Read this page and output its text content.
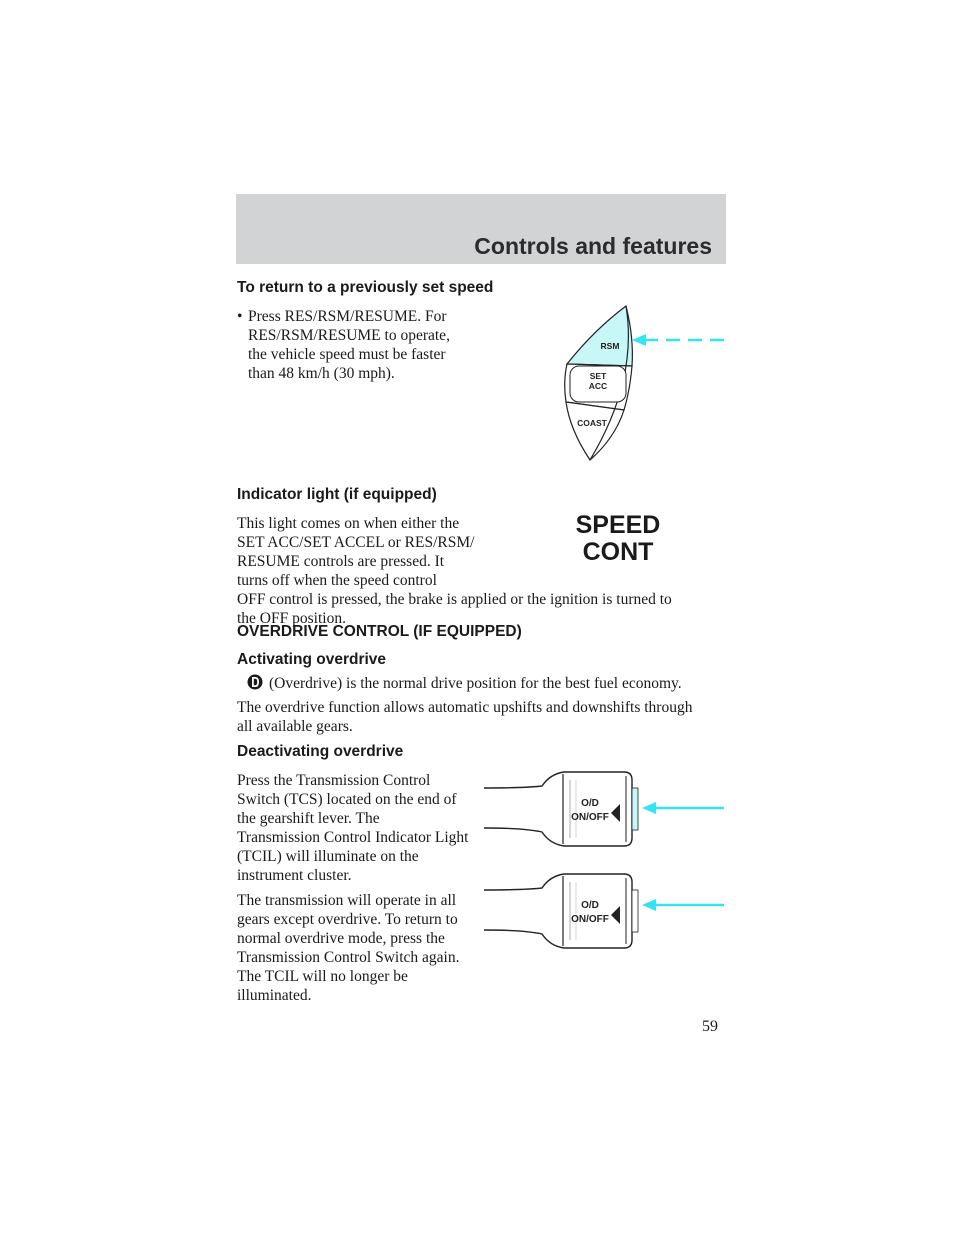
Controls and features
To return to a previously set speed
• Press RES/RSM/RESUME. For
RES/RSM/RESUME to operate,
the vehicle speed must be faster
than 48 km/h (30 mph).
RSM
SET
ACC
COAST
Indicator light (if equipped)
This light comes on when either the
SET ACC/SET ACCEL or RES/RSM/
RESUME controls are pressed. It
turns off when the speed control
OFF control is pressed, the brake is applied or the ignition is turned to
the OFF position.
SPEED
CONT
OVERDRIVE CONTROL (IF EQUIPPED)
Activating overdrive
(Overdrive) is the normal drive position for the best fuel economy.
The overdrive function allows automatic upshifts and downshifts through
all available gears.
Deactivating overdrive
Press the Transmission Control
Switch (TCS) located on the end of
the gearshift lever. The
Transmission Control Indicator Light
(TCIL) will illuminate on the
instrument cluster.
The transmission will operate in all
gears except overdrive. To return to
normal overdrive mode, press the
Transmission Control Switch again.
The TCIL will no longer be
illuminated.
O/D
ON/OFF
O/D
ON/OFF
59
